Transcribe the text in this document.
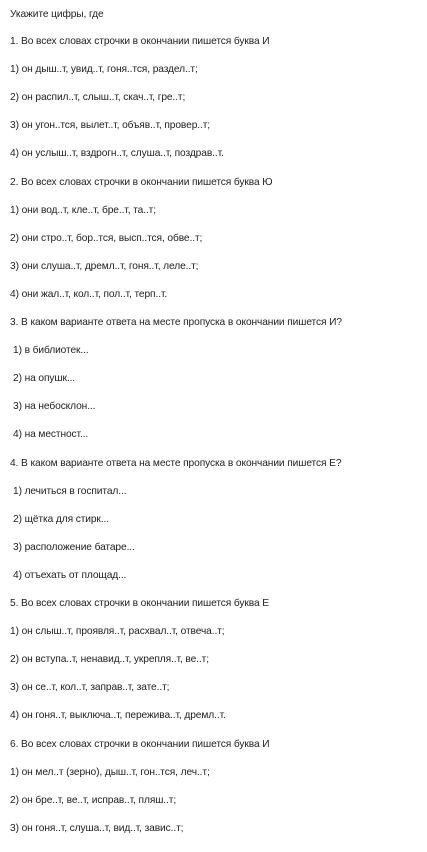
Укажите цифры, где
1. Во всех словах строчки в окончании пишется буква И
1) он дыш..т, увид..т, гоня..тся, раздел..т;
2) он распил..т, слыш..т, скач..т, гре..т;
3) он угон..тся, вылет..т, объяв..т, провер..т;
4) он услыш..т, вздрогн..т, слуша..т, поздрав..т.
2. Во всех словах строчки в окончании пишется буква Ю
1) они вод..т, кле..т, бре..т, та..т;
2) они стро..т, бор..тся, высп..тся, обве..т;
3) они слуша..т, дремл..т, гоня..т, леле..т;
4) они жал..т, кол..т, пол..т, терп..т.
3. В каком варианте ответа на месте пропуска в окончании пишется И?
1) в библиотек...
2) на опушк...
3) на небосклон...
4) на местност...
4. В каком варианте ответа на месте пропуска в окончании пишется Е?
1) лечиться в госпитал...
2) щётка для стирк...
3) расположение батаре...
4) отъехать от площад...
5. Во всех словах строчки в окончании пишется буква Е
1) он слыш..т, проявля..т, расхвал..т, отвеча..т;
2) он вступа..т, ненавид..т, укрепля..т, ве..т;
3) он се..т, кол..т, заправ..т, зате..т;
4) он гоня..т, выключа..т, пережива..т, дремл..т.
6. Во всех словах строчки в окончании пишется буква И
1) он мел..т (зерно), дыш..т, гон..тся, леч..т;
2) он бре..т, ве..т, исправ..т, пляш..т;
3) он гоня..т, слуша..т, вид..т, завис..т;
